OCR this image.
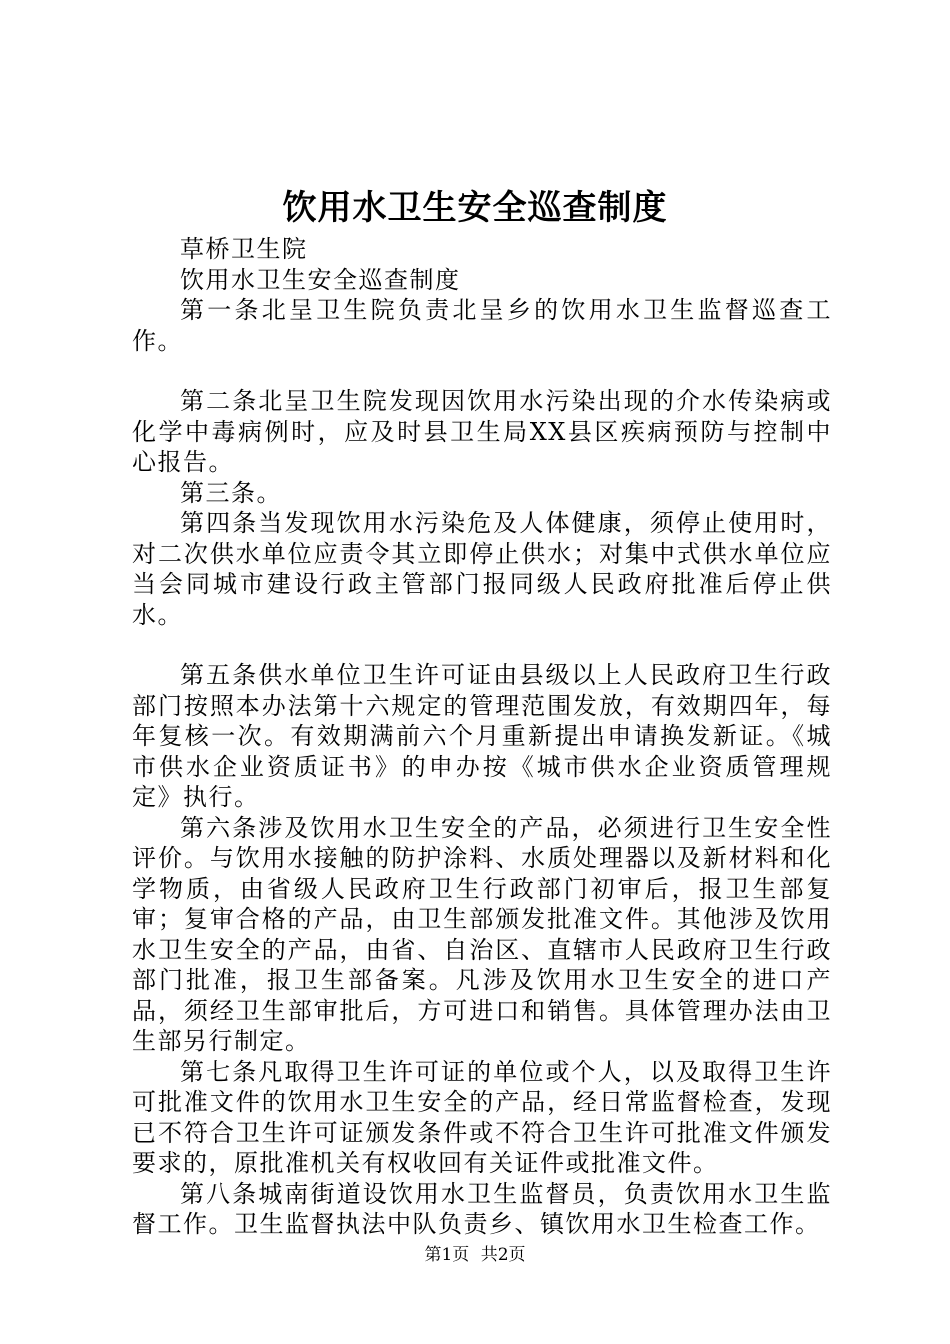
饮用水卫生安全巡查制度

草桥卫生院

饮用水卫生安全巡查制度

第一条北呈卫生院负责北呈乡的饮用水卫生监督巡查工作。

第二条北呈卫生院发现因饮用水污染出现的介水传染病或化学中毒病例时，应及时县卫生局XX县区疾病预防与控制中心报告。

第三条。

第四条当发现饮用水污染危及人体健康，须停止使用时，对二次供水单位应责令其立即停止供水；对集中式供水单位应当会同城市建设行政主管部门报同级人民政府批准后停止供水。

第五条供水单位卫生许可证由县级以上人民政府卫生行政部门按照本办法第十六规定的管理范围发放，有效期四年，每年复核一次。有效期满前六个月重新提出申请换发新证。《城市供水企业资质证书》的申办按《城市供水企业资质管理规定》执行。

第六条涉及饮用水卫生安全的产品，必须进行卫生安全性评价。与饮用水接触的防护涂料、水质处理器以及新材料和化学物质，由省级人民政府卫生行政部门初审后，报卫生部复审；复审合格的产品，由卫生部颁发批准文件。其他涉及饮用水卫生安全的产品，由省、自治区、直辖市人民政府卫生行政部门批准，报卫生部备案。凡涉及饮用水卫生安全的进口产品，须经卫生部审批后，方可进口和销售。具体管理办法由卫生部另行制定。

第七条凡取得卫生许可证的单位或个人，以及取得卫生许可批准文件的饮用水卫生安全的产品，经日常监督检查，发现已不符合卫生许可证颁发条件或不符合卫生许可批准文件颁发要求的，原批准机关有权收回有关证件或批准文件。

第八条城南街道设饮用水卫生监督员，负责饮用水卫生监督工作。卫生监督执法中队负责乡、镇饮用水卫生检查工作。

第1页 共2页
